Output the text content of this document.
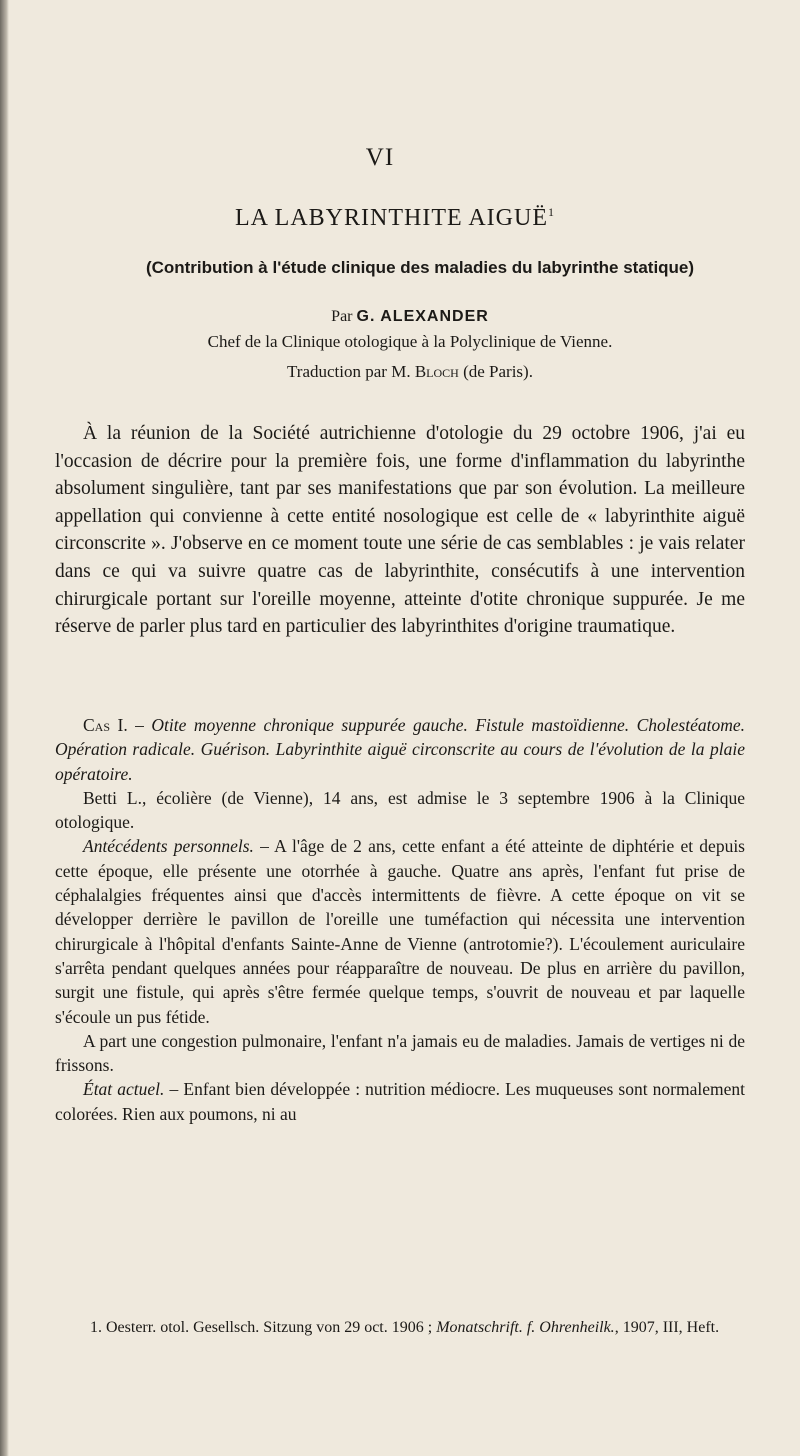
VI
LA LABYRINTHITE AIGUË$^1$
(Contribution à l'étude clinique des maladies du labyrinthe statique)
Par G. ALEXANDER
Chef de la Clinique otologique à la Polyclinique de Vienne.
Traduction par M. Bloch (de Paris).

À la réunion de la Société autrichienne d'otologie du 29 octobre 1906, j'ai eu l'occasion de décrire pour la première fois, une forme d'inflammation du labyrinthe absolument singulière, tant par ses manifestations que par son évolution. La meilleure appellation qui convienne à cette entité nosologique est celle de « labyrinthite aiguë circonscrite ». J'observe en ce moment toute une série de cas semblables : je vais relater dans ce qui va suivre quatre cas de labyrinthite, consécutifs à une intervention chirurgicale portant sur l'oreille moyenne, atteinte d'otite chronique suppurée. Je me réserve de parler plus tard en particulier des labyrinthites d'origine traumatique.

Cas I. – Otite moyenne chronique suppurée gauche. Fistule mastoïdienne. Cholestéatome. Opération radicale. Guérison. Labyrinthite aiguë circonscrite au cours de l'évolution de la plaie opératoire.

Betti L., écolière (de Vienne), 14 ans, est admise le 3 septembre 1906 à la Clinique otologique.

Antécédents personnels. – A l'âge de 2 ans, cette enfant a été atteinte de diphtérie et depuis cette époque, elle présente une otorrhée à gauche. Quatre ans après, l'enfant fut prise de céphalalgies fréquentes ainsi que d'accès intermittents de fièvre. A cette époque on vit se développer derrière le pavillon de l'oreille une tuméfaction qui nécessita une intervention chirurgicale à l'hôpital d'enfants Sainte-Anne de Vienne (antrotomie?). L'écoulement auriculaire s'arrêta pendant quelques années pour réapparaître de nouveau. De plus en arrière du pavillon, surgit une fistule, qui après s'être fermée quelque temps, s'ouvrit de nouveau et par laquelle s'écoule un pus fétide.

A part une congestion pulmonaire, l'enfant n'a jamais eu de maladies. Jamais de vertiges ni de frissons.

État actuel. – Enfant bien développée : nutrition médiocre. Les muqueuses sont normalement colorées. Rien aux poumons, ni au

1. Oesterr. otol. Gesellsch. Sitzung von 29 oct. 1906 ; Monatschrift. f. Ohrenheilk., 1907, III, Heft.
